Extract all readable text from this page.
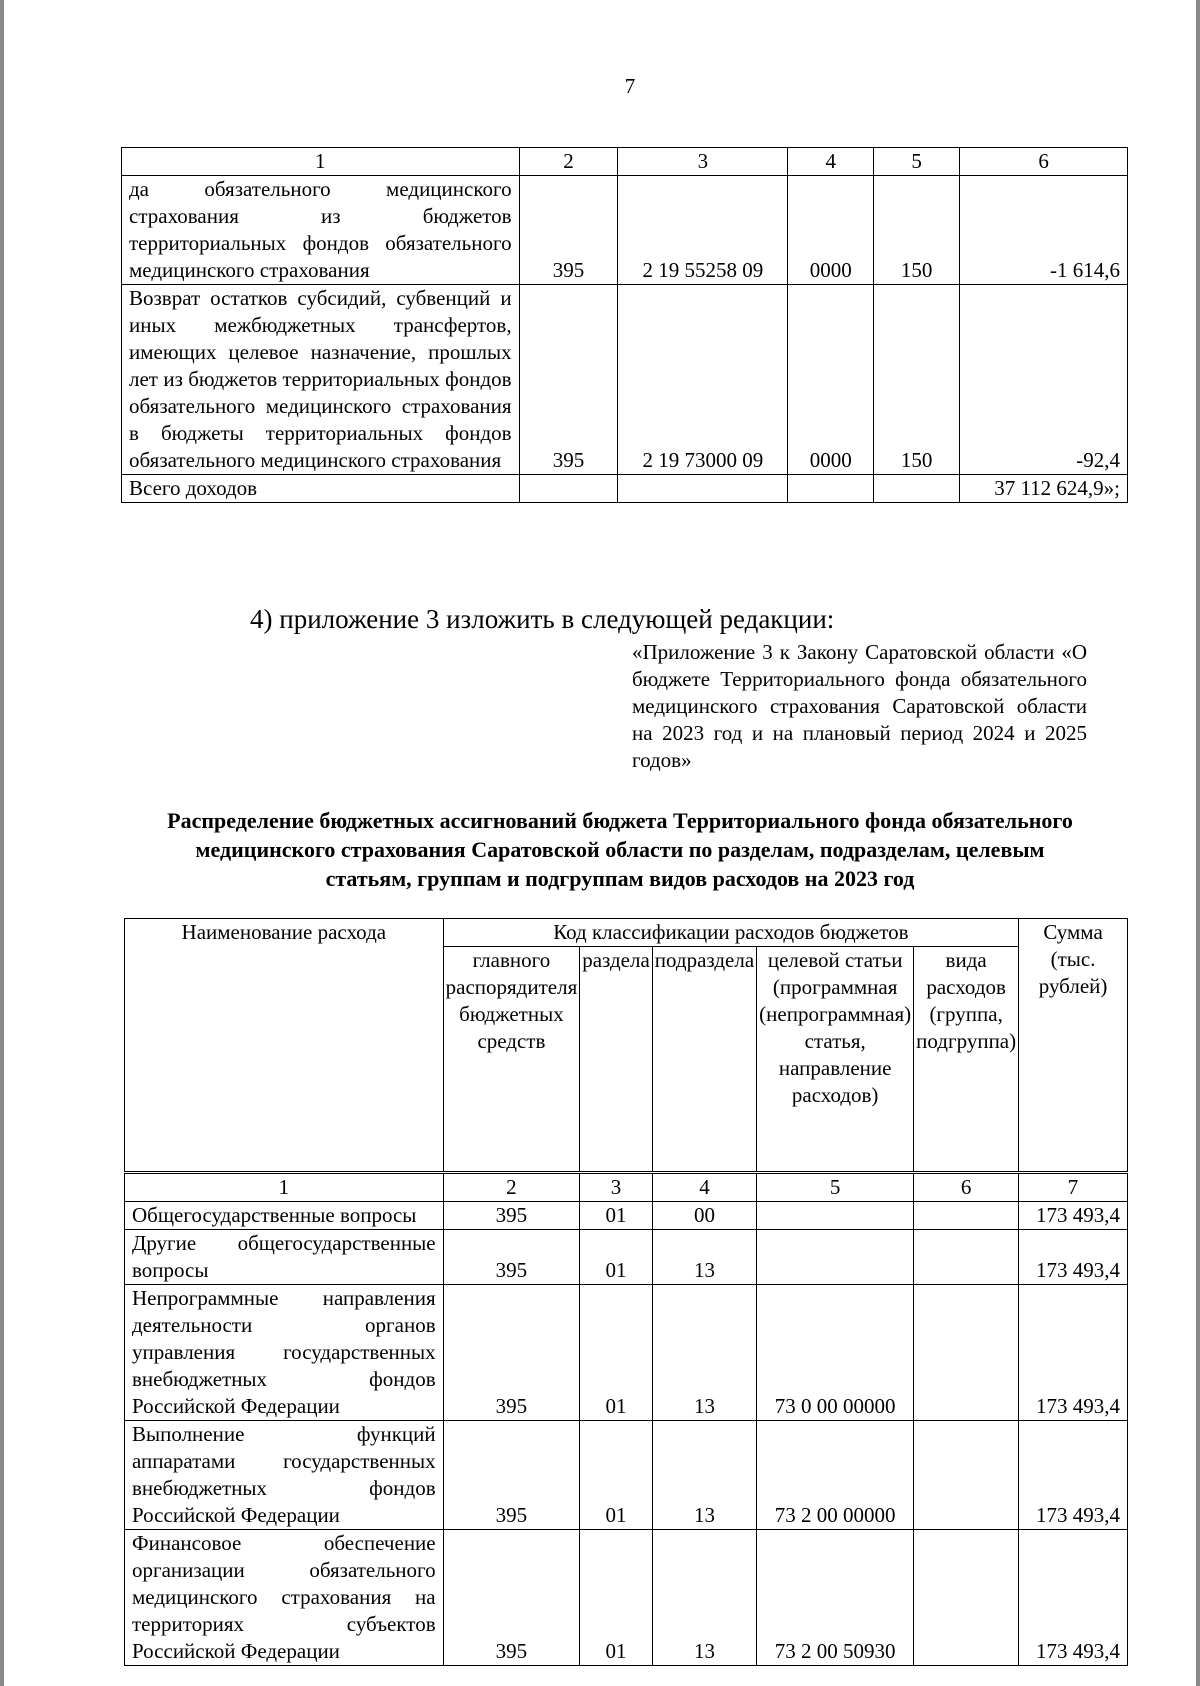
7
1	2	3	4	5	6
да обязательного медицинского страхования из бюджетов территориальных фондов обязательного медицинского страхования	395	2 19 55258 09	0000	150	-1 614,6
Возврат остатков субсидий, субвенций и иных межбюджетных трансфертов, имеющих целевое назначение, прошлых лет из бюджетов территориальных фондов обязательного медицинского страхования в бюджеты территориальных фондов обязательного медицинского страхования	395	2 19 73000 09	0000	150	-92,4
Всего доходов					37 112 624,9»;
4) приложение 3 изложить в следующей редакции:
«Приложение 3 к Закону Саратовской области «О бюджете Территориального фонда обязательного медицинского страхования Саратовской области на 2023 год и на плановый период 2024 и 2025 годов»
Распределение бюджетных ассигнований бюджета Территориального фонда обязательного медицинского страхования Саратовской области по разделам, подразделам, целевым статьям, группам и подгруппам видов расходов на 2023 год
Наименование расхода	Код классификации расходов бюджетов					Сумма (тыс. рублей)
	главного распорядителя бюджетных средств	раздела	подраздела	целевой статьи (программная (непрограммная) статья, направление расходов)	вида расходов (группа, подгруппа)	
1	2	3	4	5	6	7
Общегосударственные вопросы	395	01	00			173 493,4
Другие общегосударственные вопросы	395	01	13			173 493,4
Непрограммные направления деятельности органов управления государственных внебюджетных фондов Российской Федерации	395	01	13	73 0 00 00000		173 493,4
Выполнение функций аппаратами государственных внебюджетных фондов Российской Федерации	395	01	13	73 2 00 00000		173 493,4
Финансовое обеспечение организации обязательного медицинского страхования на территориях субъектов Российской Федерации	395	01	13	73 2 00 50930		173 493,4
